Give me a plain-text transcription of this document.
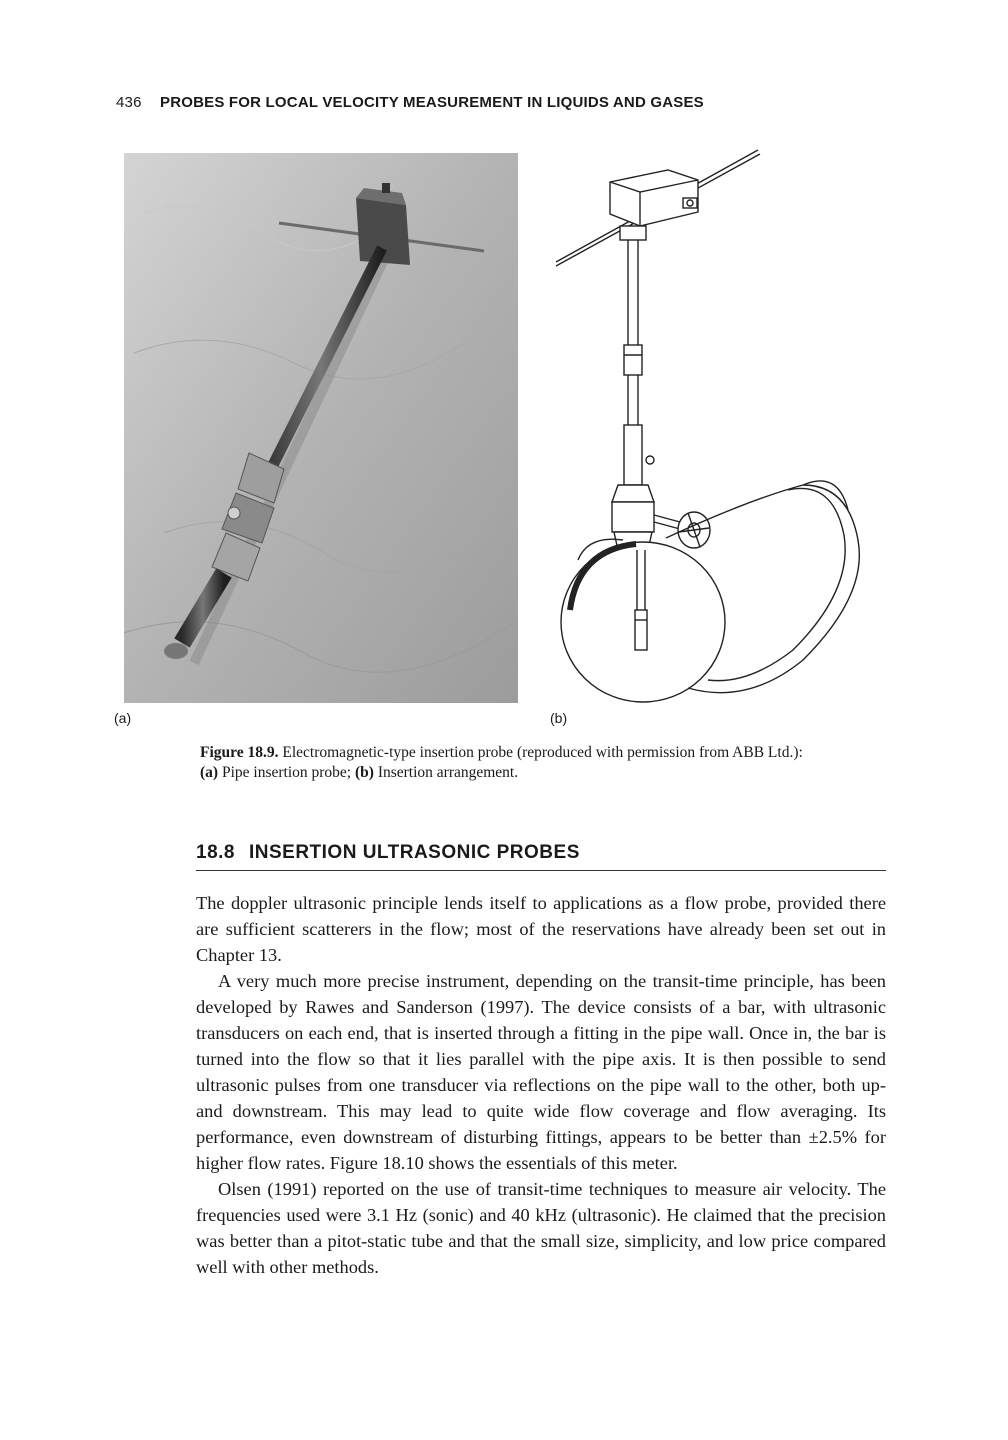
436 PROBES FOR LOCAL VELOCITY MEASUREMENT IN LIQUIDS AND GASES
(a)	(b)
Figure 18.9. Electromagnetic-type insertion probe (reproduced with permission from ABB Ltd.):
(a) Pipe insertion probe; (b) Insertion arrangement.
18.8 INSERTION ULTRASONIC PROBES

The doppler ultrasonic principle lends itself to applications as a flow probe, provided there are sufficient scatterers in the flow; most of the reservations have already been set out in Chapter 13.

A very much more precise instrument, depending on the transit-time principle, has been developed by Rawes and Sanderson (1997). The device consists of a bar, with ultrasonic transducers on each end, that is inserted through a fitting in the pipe wall. Once in, the bar is turned into the flow so that it lies parallel with the pipe axis. It is then possible to send ultrasonic pulses from one transducer via reflections on the pipe wall to the other, both up- and downstream. This may lead to quite wide flow coverage and flow averaging. Its performance, even downstream of disturbing fittings, appears to be better than ±2.5% for higher flow rates. Figure 18.10 shows the essentials of this meter.

Olsen (1991) reported on the use of transit-time techniques to measure air velocity. The frequencies used were 3.1 Hz (sonic) and 40 kHz (ultrasonic). He claimed that the precision was better than a pitot-static tube and that the small size, simplicity, and low price compared well with other methods.
